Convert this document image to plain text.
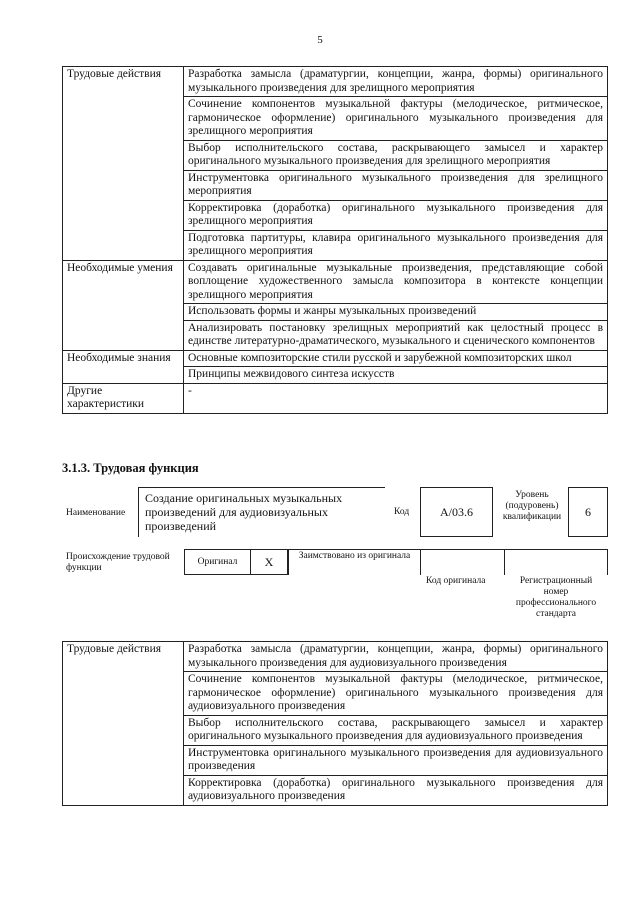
5
Трудовые действия	Разработка замысла (драматургии, концепции, жанра, формы) оригинального музыкального произведения для зрелищного мероприятия
	Сочинение компонентов музыкальной фактуры (мелодическое, ритмическое, гармоническое оформление) оригинального музыкального произведения для зрелищного мероприятия
	Выбор исполнительского состава, раскрывающего замысел и характер оригинального музыкального произведения для зрелищного мероприятия
	Инструментовка оригинального музыкального произведения для зрелищного мероприятия
	Корректировка (доработка) оригинального музыкального произведения для зрелищного мероприятия
	Подготовка партитуры, клавира оригинального музыкального произведения для зрелищного мероприятия
Необходимые умения	Создавать оригинальные музыкальные произведения, представляющие собой воплощение художественного замысла композитора в контексте концепции зрелищного мероприятия
	Использовать формы и жанры музыкальных произведений
	Анализировать постановку зрелищных мероприятий как целостный процесс в единстве литературно-драматического, музыкального и сценического компонентов
Необходимые знания	Основные композиторские стили русской и зарубежной композиторских школ
	Принципы межвидового синтеза искусств
Другие характеристики	-
3.1.3. Трудовая функция
Наименование
Создание оригинальных музыкальных произведений для аудиовизуальных произведений
Код	А/03.6
Уровень (подуровень) квалификации	6
Происхождение трудовой функции
Оригинал	X	Заимствовано из оригинала
Код оригинала	Регистрационный номер профессионального стандарта
Трудовые действия	Разработка замысла (драматургии, концепции, жанра, формы) оригинального музыкального произведения для аудиовизуального произведения
Сочинение компонентов музыкальной фактуры (мелодическое, ритмическое, гармоническое оформление) оригинального музыкального произведения для аудиовизуального произведения
Выбор исполнительского состава, раскрывающего замысел и характер оригинального музыкального произведения для аудиовизуального произведения
Инструментовка оригинального музыкального произведения для аудиовизуального произведения
Корректировка (доработка) оригинального музыкального произведения для аудиовизуального произведения
